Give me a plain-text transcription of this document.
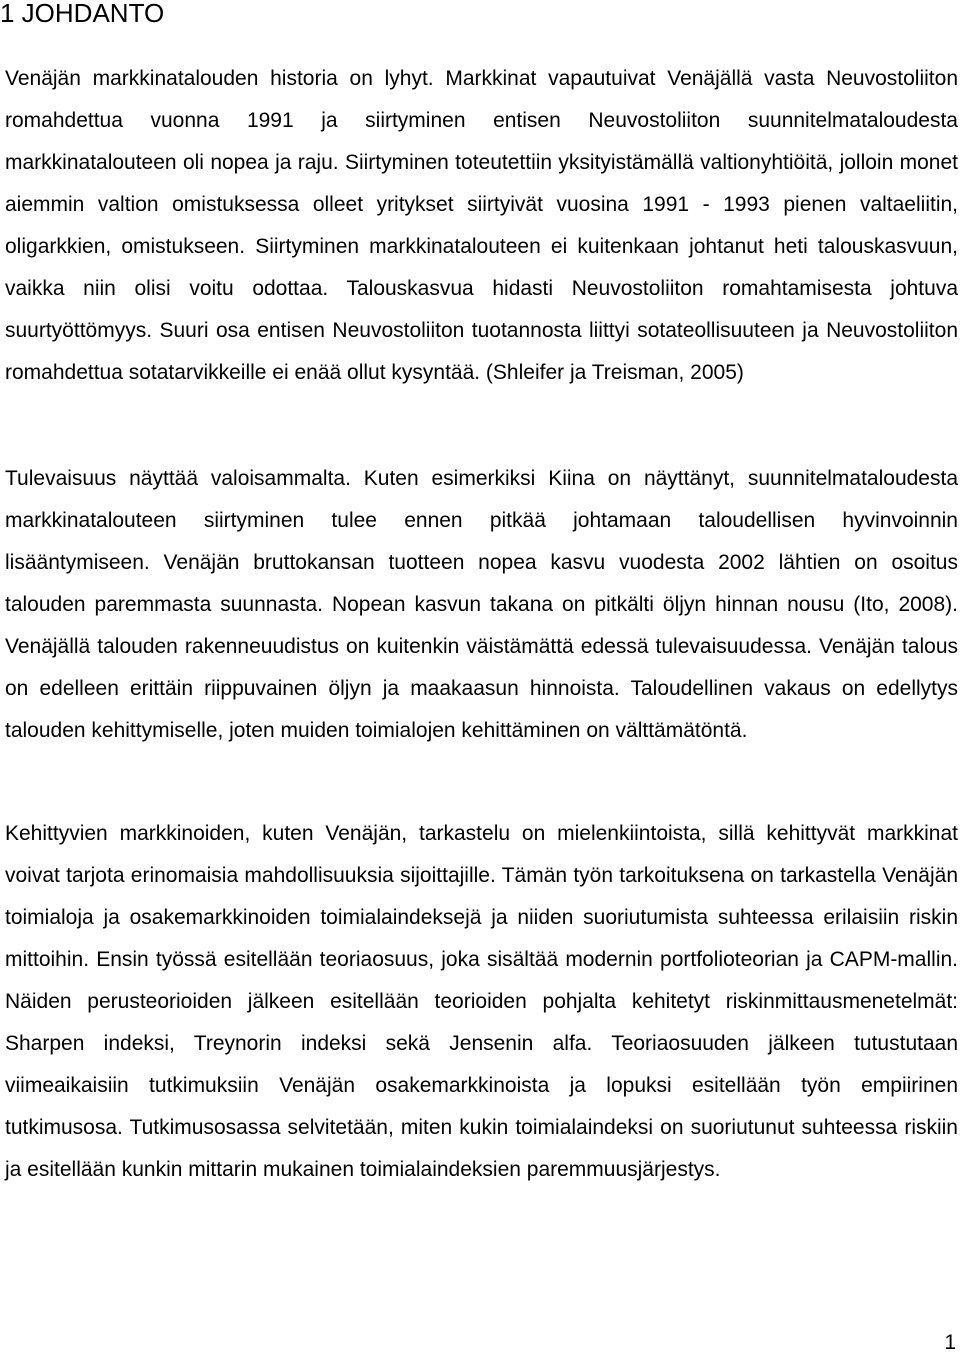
1 JOHDANTO

Venäjän markkinatalouden historia on lyhyt. Markkinat vapautuivat Venäjällä vasta Neuvostoliiton romahdettua vuonna 1991 ja siirtyminen entisen Neuvostoliiton suunnitelmataloudesta markkinatalouteen oli nopea ja raju. Siirtyminen toteutettiin yksityistämällä valtionyhtiöitä, jolloin monet aiemmin valtion omistuksessa olleet yritykset siirtyivät vuosina 1991 - 1993 pienen valtaeliitin, oligarkkien, omistukseen. Siirtyminen markkinatalouteen ei kuitenkaan johtanut heti talouskasvuun, vaikka niin olisi voitu odottaa. Talouskasvua hidasti Neuvostoliiton romahtamisesta johtuva suurtyöttömyys. Suuri osa entisen Neuvostoliiton tuotannosta liittyi sotateollisuuteen ja Neuvostoliiton romahdettua sotatarvikkeille ei enää ollut kysyntää. (Shleifer ja Treisman, 2005)

Tulevaisuus näyttää valoisammalta. Kuten esimerkiksi Kiina on näyttänyt, suunnitelmataloudesta markkinatalouteen siirtyminen tulee ennen pitkää johtamaan taloudellisen hyvinvoinnin lisääntymiseen. Venäjän bruttokansan tuotteen nopea kasvu vuodesta 2002 lähtien on osoitus talouden paremmasta suunnasta. Nopean kasvun takana on pitkälti öljyn hinnan nousu (Ito, 2008). Venäjällä talouden rakenneuudistus on kuitenkin väistämättä edessä tulevaisuudessa. Venäjän talous on edelleen erittäin riippuvainen öljyn ja maakaasun hinnoista. Taloudellinen vakaus on edellytys talouden kehittymiselle, joten muiden toimialojen kehittäminen on välttämätöntä.

Kehittyvien markkinoiden, kuten Venäjän, tarkastelu on mielenkiintoista, sillä kehittyvät markkinat voivat tarjota erinomaisia mahdollisuuksia sijoittajille. Tämän työn tarkoituksena on tarkastella Venäjän toimialoja ja osakemarkkinoiden toimialaindeksejä ja niiden suoriutumista suhteessa erilaisiin riskin mittoihin. Ensin työssä esitellään teoriaosuus, joka sisältää modernin portfolioteorian ja CAPM-mallin. Näiden perusteorioiden jälkeen esitellään teorioiden pohjalta kehitetyt riskinmittausmenetelmät: Sharpen indeksi, Treynorin indeksi sekä Jensenin alfa. Teoriaosuuden jälkeen tutustutaan viimeaikaisiin tutkimuksiin Venäjän osakemarkkinoista ja lopuksi esitellään työn empiirinen tutkimusosa. Tutkimusosassa selvitetään, miten kukin toimialaindeksi on suoriutunut suhteessa riskiin ja esitellään kunkin mittarin mukainen toimialaindeksien paremmuusjärjestys.

1
